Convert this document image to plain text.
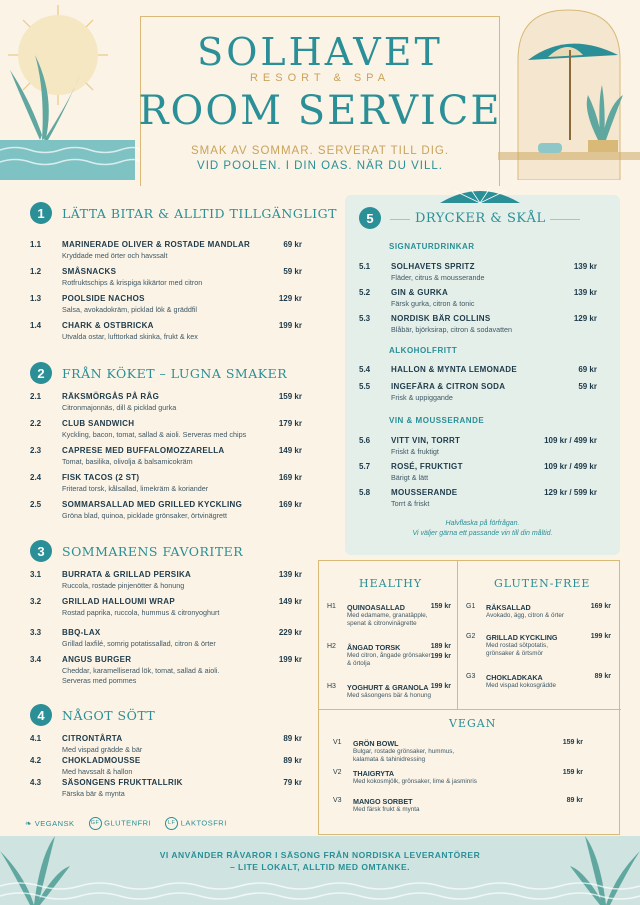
SOLHAVET
RESORT & SPA
ROOM SERVICE
SMAK AV SOMMAR. SERVERAT TILL DIG.
VID POOLEN. I DIN OAS. NÄR DU VILL.
1	LÄTTA BITAR & ALLTID TILLGÄNGLIGT
1.1	MARINERADE OLIVER & ROSTADE MANDLAR
Kryddade med örter och havssalt
69 kr
1.2	SMÅSNACKS
Rotfruktschips & krispiga kikärtor med citron
59 kr
1.3	POOLSIDE NACHOS
Salsa, avokadokräm, picklad lök & gräddfil
129 kr
1.4	CHARK & OSTBRICKA
Utvalda ostar, lufttorkad skinka, frukt & kex
199 kr
2	FRÅN KÖKET – LUGNA SMAKER
2.1	RÄKSMÖRGÅS PÅ RÅG
Citronmajonnäs, dill & picklad gurka
159 kr
2.2	CLUB SANDWICH
Kyckling, bacon, tomat, sallad & aioli. Serveras med chips
179 kr
2.3	CAPRESE MED BUFFALOMOZZARELLA
Tomat, basilika, olivolja & balsamicokräm
149 kr
2.4	FISK TACOS (2 ST)
Friterad torsk, kålsallad, limekräm & koriander
169 kr
2.5	SOMMARSALLAD MED GRILLED KYCKLING
Gröna blad, quinoa, picklade grönsaker, örtvinägrett
169 kr
3	SOMMARENS FAVORITER
3.1	BURRATA & GRILLAD PERSIKA
Ruccola, rostade pinjenötter & honung
139 kr
3.2	GRILLAD HALLOUMI WRAP
Rostad paprika, ruccola, hummus & citronyoghurt
149 kr
3.3	BBQ-LAX
Grillad laxfilé, somrig potatissallad, citron & örter
229 kr
3.4	ANGUS BURGER
Cheddar, karamelliserad lök, tomat, sallad & aioli.
Serveras med pommes
199 kr
4	NÅGOT SÖTT
4.1	CITRONTÅRTA
Med vispad grädde & bär
89 kr
4.2	CHOKLADMOUSSE
Med havssalt & hallon
89 kr
4.3	SÄSONGENS FRUKTTALLRIK
Färska bär & mynta
79 kr
5	DRYCKER & SKÅL
SIGNATURDRINKAR
5.1	SOLHAVETS SPRITZ
Fläder, citrus & mousserande
139 kr
5.2	GIN & GURKA
Färsk gurka, citron & tonic
139 kr
5.3	NORDISK BÄR COLLINS
Blåbär, björksirap, citron & sodavatten
129 kr
ALKOHOLFRITT
5.4	HALLON & MYNTA LEMONADE	69 kr
5.5	INGEFÄRA & CITRON SODA
Frisk & uppiggande
59 kr
VIN & MOUSSERANDE
5.6	VITT VIN, TORRT
Friskt & fruktigt
109 kr / 499 kr
5.7	ROSÉ, FRUKTIGT
Bärigt & lätt
109 kr / 499 kr
5.8	MOUSSERANDE
Torrt & friskt
129 kr / 599 kr
Halvflaska på förfrågan.
Vi väljer gärna ett passande vin till din måltid.
HEALTHY	GLUTEN-FREE
VEGAN
H1 QUINOASALLAD
Med edamame, granatäpple,
spenat & citronvinägrette
159 kr
H2 ÅNGAD TORSK
Med citron, ångade grönsaker
& örtolja
189 kr
199 kr
H3 YOGHURT & GRANOLA
Med säsongens bär & honung
199 kr
G1 RÄKSALLAD
Avokado, ägg, citron & örter
169 kr
G2 GRILLAD KYCKLING
Med rostad sötpotatis,
grönsaker & örtsmör
199 kr
G3 CHOKLADKAKA
Med vispad kokosgrädde
89 kr
V1 GRÖN BOWL
Bulgar, rostade grönsaker, hummus,
kalamata & tahinidressing
159 kr
V2 THAIGRYTA
Med kokosmjölk, grönsaker, lime & jasminris
159 kr
V3 MANGO SORBET
Med färsk frukt & mynta
89 kr
❧ VEGANSK	GF GLUTENFRI	LF LAKTOSFRI
VI ANVÄNDER RÅVAROR I SÄSONG FRÅN NORDISKA LEVERANTÖRER
– LITE LOKALT, ALLTID MED OMTANKE.
